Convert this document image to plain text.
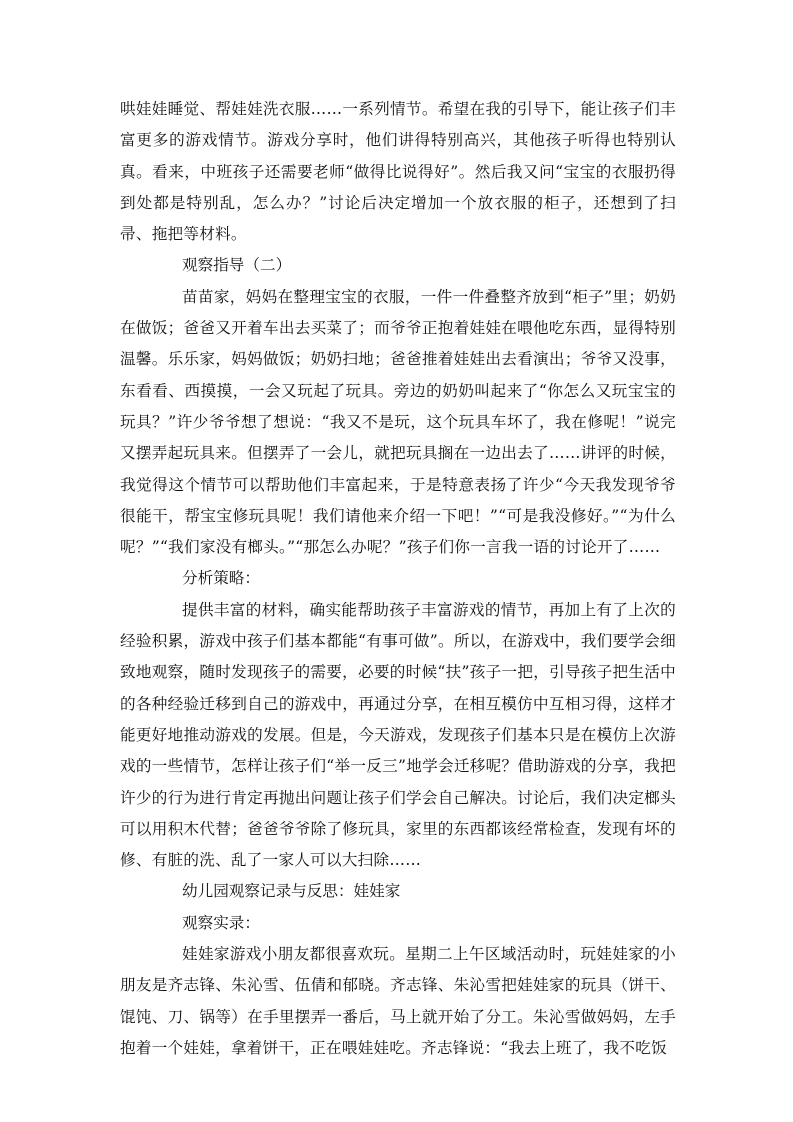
哄娃娃睡觉、帮娃娃洗衣服……一系列情节。希望在我的引导下，能让孩子们丰富更多的游戏情节。游戏分享时，他们讲得特别高兴，其他孩子听得也特别认真。看来，中班孩子还需要老师“做得比说得好”。然后我又问“宝宝的衣服扔得到处都是特别乱，怎么办？”讨论后决定增加一个放衣服的柜子，还想到了扫帚、拖把等材料。

观察指导（二）

苗苗家，妈妈在整理宝宝的衣服，一件一件叠整齐放到“柜子”里；奶奶在做饭；爸爸又开着车出去买菜了；而爷爷正抱着娃娃在喂他吃东西，显得特别温馨。乐乐家，妈妈做饭；奶奶扫地；爸爸推着娃娃出去看演出；爷爷又没事，东看看、西摸摸，一会又玩起了玩具。旁边的奶奶叫起来了“你怎么又玩宝宝的玩具？”许少爷爷想了想说：“我又不是玩，这个玩具车坏了，我在修呢！”说完又摆弄起玩具来。但摆弄了一会儿，就把玩具搁在一边出去了……讲评的时候，我觉得这个情节可以帮助他们丰富起来，于是特意表扬了许少“今天我发现爷爷很能干，帮宝宝修玩具呢！我们请他来介绍一下吧！”“可是我没修好。”“为什么呢？”“我们家没有榔头。”“那怎么办呢？”孩子们你一言我一语的讨论开了……

分析策略：

提供丰富的材料，确实能帮助孩子丰富游戏的情节，再加上有了上次的经验积累，游戏中孩子们基本都能“有事可做”。所以，在游戏中，我们要学会细致地观察，随时发现孩子的需要，必要的时候“扶”孩子一把，引导孩子把生活中的各种经验迁移到自己的游戏中，再通过分享，在相互模仿中互相习得，这样才能更好地推动游戏的发展。但是，今天游戏，发现孩子们基本只是在模仿上次游戏的一些情节，怎样让孩子们“举一反三”地学会迁移呢？借助游戏的分享，我把许少的行为进行肯定再抛出问题让孩子们学会自己解决。讨论后，我们决定榔头可以用积木代替；爸爸爷爷除了修玩具，家里的东西都该经常检查，发现有坏的修、有脏的洗、乱了一家人可以大扫除……

幼儿园观察记录与反思：娃娃家

观察实录：

娃娃家游戏小朋友都很喜欢玩。星期二上午区域活动时，玩娃娃家的小朋友是齐志锋、朱沁雪、伍倩和郁晓。齐志锋、朱沁雪把娃娃家的玩具（饼干、馄饨、刀、锅等）在手里摆弄一番后，马上就开始了分工。朱沁雪做妈妈，左手抱着一个娃娃，拿着饼干，正在喂娃娃吃。齐志锋说：“我去上班了，我不吃饭
